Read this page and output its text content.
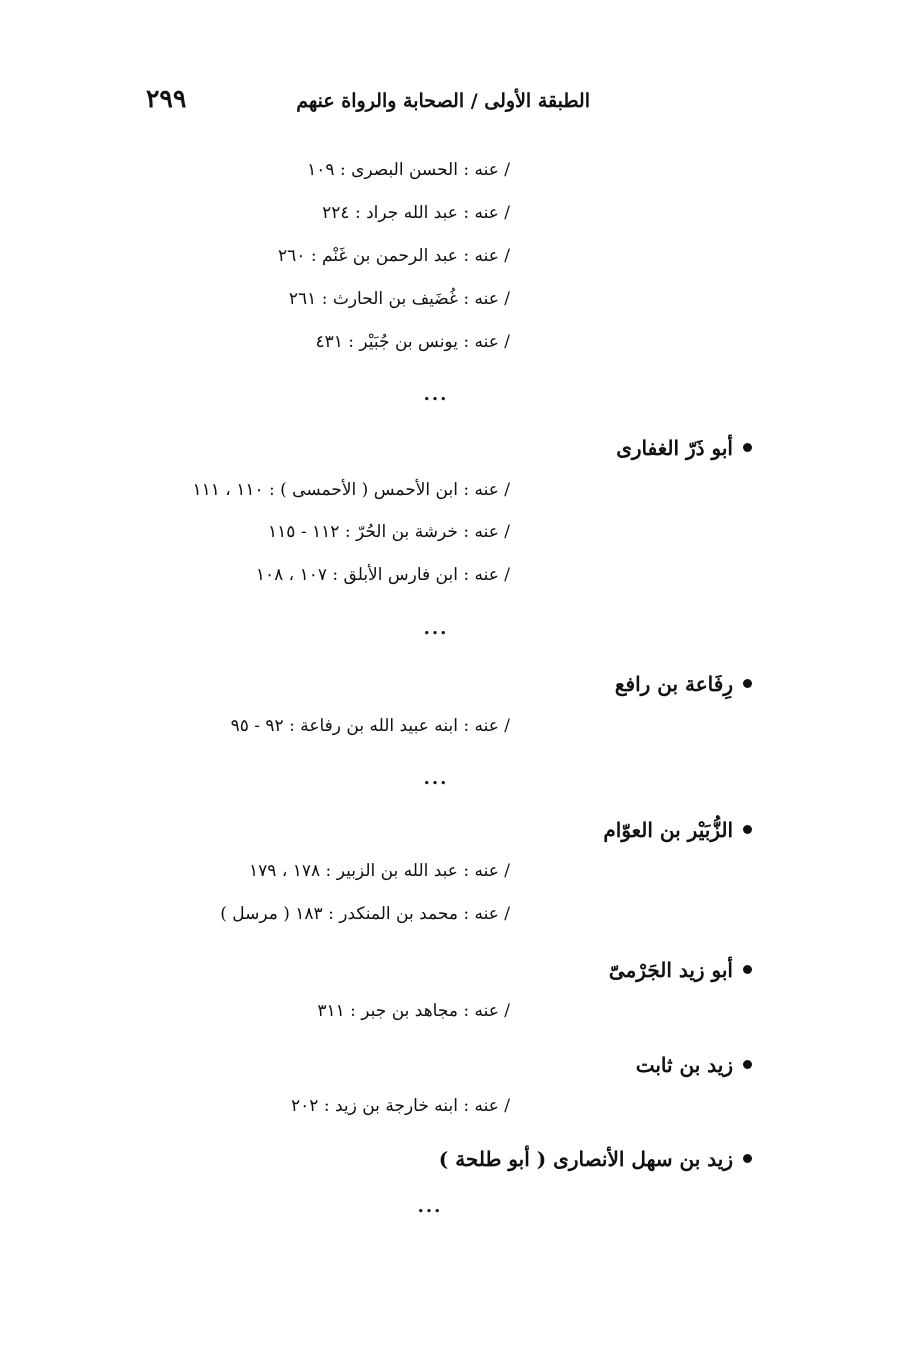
٢٩٩	الطبقة الأولى / الصحابة والرواة عنهم
/ عنه : الحسن البصرى : ١٠٩
/ عنه : عبد الله جراد : ٢٢٤
/ عنه : عبد الرحمن بن غَنْم : ٢٦٠
/ عنه : غُضَيف بن الحارث : ٢٦١
/ عنه : يونس بن جُبَيْر : ٤٣١
...
أبو ذَرّ الغفارى
/ عنه : ابن الأحمس ( الأحمسى ) : ١١٠ ، ١١١
/ عنه : خرشة بن الحُرّ : ١١٢ - ١١٥
/ عنه : ابن فارس الأبلق : ١٠٧ ، ١٠٨
...
رِفَاعة بن رافع
/ عنه : ابنه عبيد الله بن رفاعة : ٩٢ - ٩٥
...
الزُّبَيْر بن العوّام
/ عنه : عبد الله بن الزبير : ١٧٨ ، ١٧٩
/ عنه : محمد بن المنكدر : ١٨٣ ( مرسل )
أبو زيد الجَرْمىّ
/ عنه : مجاهد بن جبر : ٣١١
زيد بن ثابت
/ عنه : ابنه خارجة بن زيد : ٢٠٢
زيد بن سهل الأنصارى ( أبو طلحة )
...
